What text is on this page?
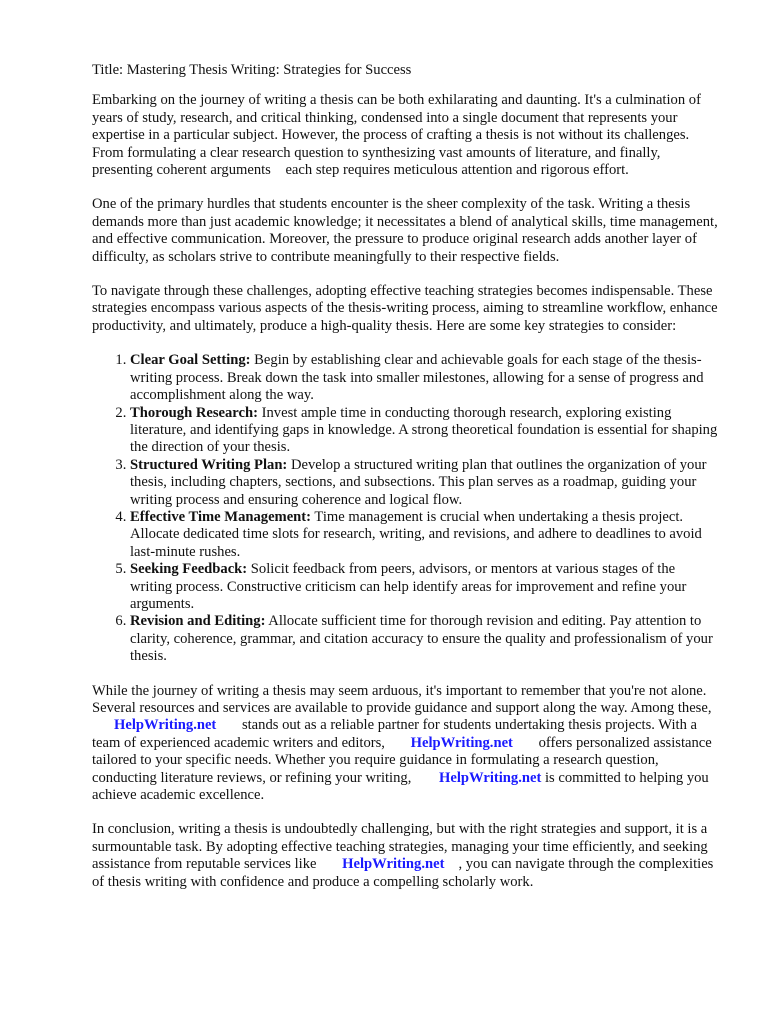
Title: Mastering Thesis Writing: Strategies for Success

Embarking on the journey of writing a thesis can be both exhilarating and daunting. It's a culmination of years of study, research, and critical thinking, condensed into a single document that represents your expertise in a particular subject. However, the process of crafting a thesis is not without its challenges. From formulating a clear research question to synthesizing vast amounts of literature, and finally, presenting coherent arguments    each step requires meticulous attention and rigorous effort.

One of the primary hurdles that students encounter is the sheer complexity of the task. Writing a thesis demands more than just academic knowledge; it necessitates a blend of analytical skills, time management, and effective communication. Moreover, the pressure to produce original research adds another layer of difficulty, as scholars strive to contribute meaningfully to their respective fields.

To navigate through these challenges, adopting effective teaching strategies becomes indispensable. These strategies encompass various aspects of the thesis-writing process, aiming to streamline workflow, enhance productivity, and ultimately, produce a high-quality thesis. Here are some key strategies to consider:

1. Clear Goal Setting: Begin by establishing clear and achievable goals for each stage of the thesis-writing process. Break down the task into smaller milestones, allowing for a sense of progress and accomplishment along the way.
2. Thorough Research: Invest ample time in conducting thorough research, exploring existing literature, and identifying gaps in knowledge. A strong theoretical foundation is essential for shaping the direction of your thesis.
3. Structured Writing Plan: Develop a structured writing plan that outlines the organization of your thesis, including chapters, sections, and subsections. This plan serves as a roadmap, guiding your writing process and ensuring coherence and logical flow.
4. Effective Time Management: Time management is crucial when undertaking a thesis project. Allocate dedicated time slots for research, writing, and revisions, and adhere to deadlines to avoid last-minute rushes.
5. Seeking Feedback: Solicit feedback from peers, advisors, or mentors at various stages of the writing process. Constructive criticism can help identify areas for improvement and refine your arguments.
6. Revision and Editing: Allocate sufficient time for thorough revision and editing. Pay attention to clarity, coherence, grammar, and citation accuracy to ensure the quality and professionalism of your thesis.

While the journey of writing a thesis may seem arduous, it's important to remember that you're not alone. Several resources and services are available to provide guidance and support along the way. Among these, HelpWriting.net stands out as a reliable partner for students undertaking thesis projects. With a team of experienced academic writers and editors, HelpWriting.net offers personalized assistance tailored to your specific needs. Whether you require guidance in formulating a research question, conducting literature reviews, or refining your writing, HelpWriting.net is committed to helping you achieve academic excellence.

In conclusion, writing a thesis is undoubtedly challenging, but with the right strategies and support, it is a surmountable task. By adopting effective teaching strategies, managing your time efficiently, and seeking assistance from reputable services like HelpWriting.net , you can navigate through the complexities of thesis writing with confidence and produce a compelling scholarly work.
